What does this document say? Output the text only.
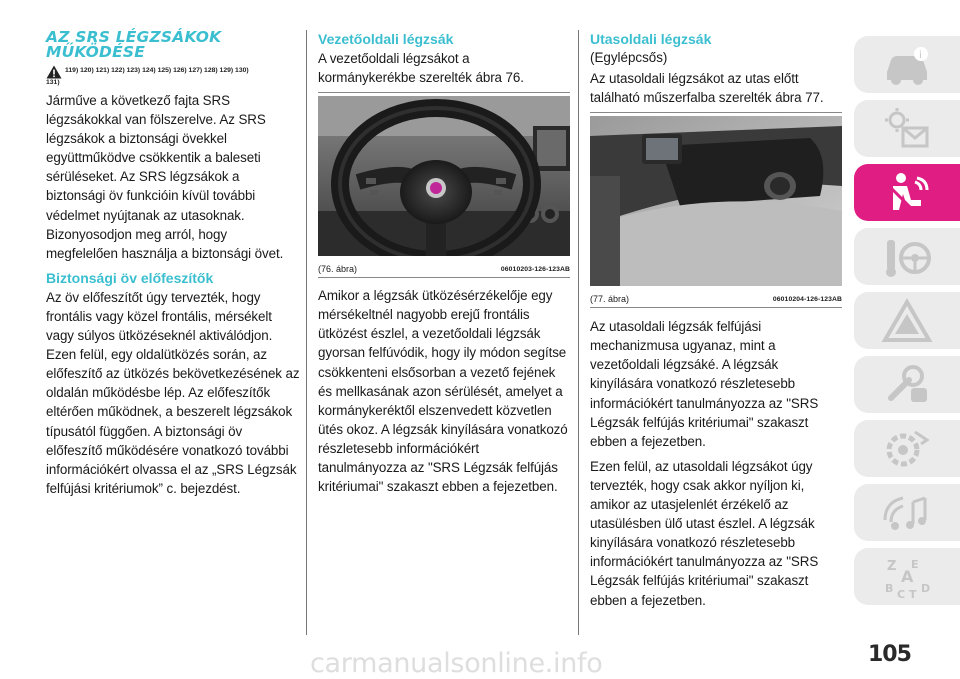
AZ SRS LÉGZSÁKOK
MŰKÖDÉSE
119) 120) 121) 122) 123) 124) 125) 126) 127) 128) 129) 130)
131)

Járműve a következő fajta SRS légzsákokkal van fölszerelve. Az SRS légzsákok a biztonsági övekkel együttműködve csökkentik a baleseti sérüléseket. Az SRS légzsákok a biztonsági öv funkcióin kívül további védelmet nyújtanak az utasoknak. Bizonyosodjon meg arról, hogy megfelelően használja a biztonsági övet.

Biztonsági öv előfeszítők

Az öv előfeszítőt úgy tervezték, hogy frontális vagy közel frontális, mérsékelt vagy súlyos ütközéseknél aktiválódjon. Ezen felül, egy oldalütközés során, az előfeszítő az ütközés bekövetkezésének az oldalán működésbe lép. Az előfeszítők eltérően működnek, a beszerelt légzsákok típusától függően. A biztonsági öv előfeszítő működésére vonatkozó további információkért olvassa el az „SRS Légzsák felfújási kritériumok” c. bejezdést.

Vezetőoldali légzsák

A vezetőoldali légzsákot a kormánykerékbe szerelték ábra 76.

(76. ábra)	06010203-126-123AB

Amikor a légzsák ütközésérzékelője egy mérsékeltnél nagyobb erejű frontális ütközést észlel, a vezetőoldali légzsák gyorsan felfúvódik, hogy ily módon segítse csökkenteni elsősorban a vezető fejének és mellkasának azon sérülését, amelyet a kormánykeréktől elszenvedett közvetlen ütés okoz. A légzsák kinyílására vonatkozó részletesebb információkért tanulmányozza az "SRS Légzsák felfújás kritériumai" szakaszt ebben a fejezetben.

Utasoldali légzsák
(Egylépcsős)

Az utasoldali légzsákot az utas előtt található műszerfalba szerelték ábra 77.

(77. ábra)	06010204-126-123AB

Az utasoldali légzsák felfújási mechanizmusa ugyanaz, mint a vezetőoldali légzsáké. A légzsák kinyílására vonatkozó részletesebb információkért tanulmányozza az "SRS Légzsák felfújás kritériumai" szakaszt ebben a fejezetben.

Ezen felül, az utasoldali légzsákot úgy tervezték, hogy csak akkor nyíljon ki, amikor az utasjelenlét érzékelő az utasülésben ülő utast észlel. A légzsák kinyílására vonatkozó részletesebb információkért tanulmányozza az "SRS Légzsák felfújás kritériumai" szakaszt ebben a fejezetben.

i
Z E
A
B C T D
carmanualsonline.info	105
